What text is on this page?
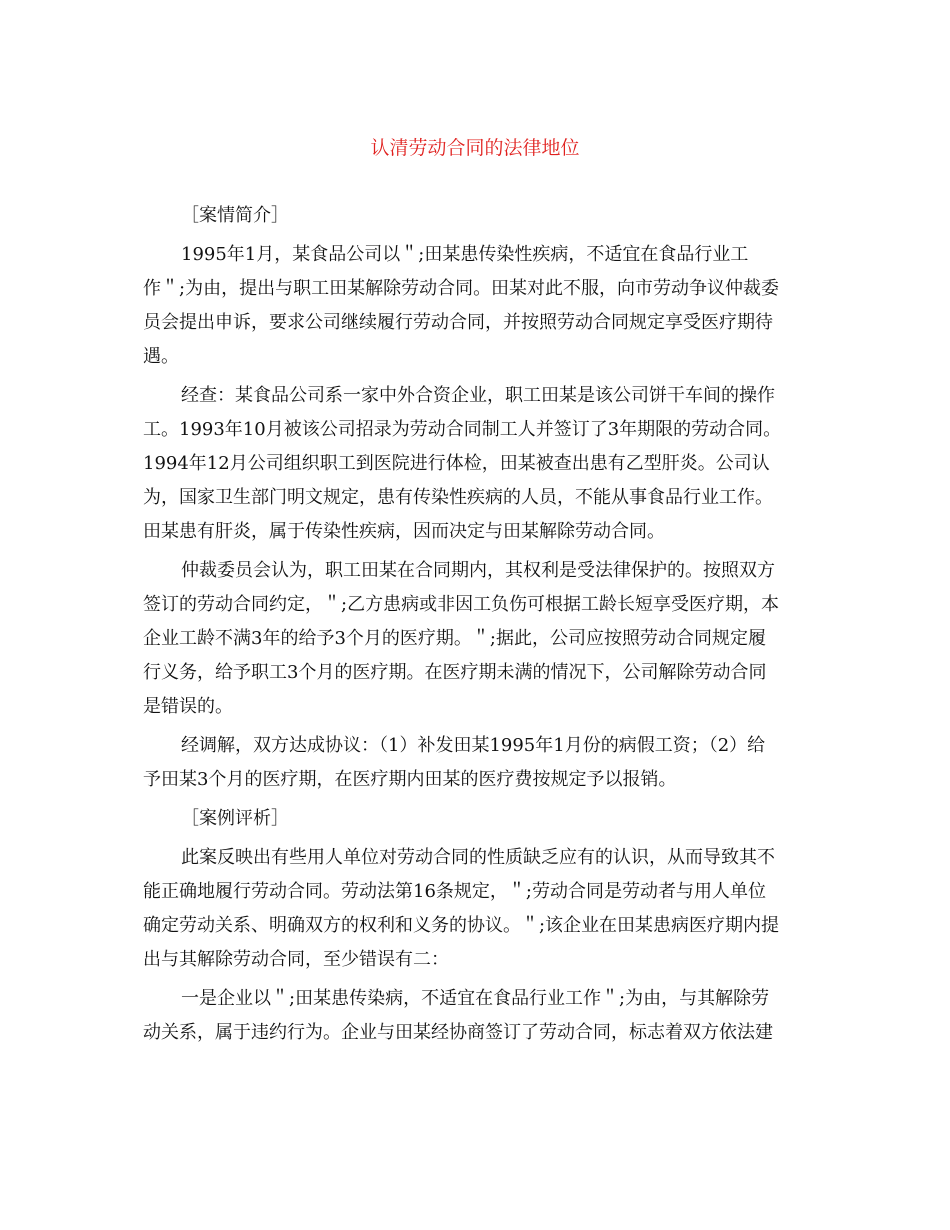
认清劳动合同的法律地位
［案情简介］
1995年1月，某食品公司以＂;田某患传染性疾病，不适宜在食品行业工
作＂;为由，提出与职工田某解除劳动合同。田某对此不服，向市劳动争议仲裁委
员会提出申诉，要求公司继续履行劳动合同，并按照劳动合同规定享受医疗期待
遇。
经查：某食品公司系一家中外合资企业，职工田某是该公司饼干车间的操作
工。1993年10月被该公司招录为劳动合同制工人并签订了3年期限的劳动合同。
1994年12月公司组织职工到医院进行体检，田某被查出患有乙型肝炎。公司认
为，国家卫生部门明文规定，患有传染性疾病的人员，不能从事食品行业工作。
田某患有肝炎，属于传染性疾病，因而决定与田某解除劳动合同。
仲裁委员会认为，职工田某在合同期内，其权利是受法律保护的。按照双方
签订的劳动合同约定，＂;乙方患病或非因工负伤可根据工龄长短享受医疗期，本
企业工龄不满3年的给予3个月的医疗期。＂;据此，公司应按照劳动合同规定履
行义务，给予职工3个月的医疗期。在医疗期未满的情况下，公司解除劳动合同
是错误的。
经调解，双方达成协议：（1）补发田某1995年1月份的病假工资；（2）给
予田某3个月的医疗期，在医疗期内田某的医疗费按规定予以报销。
［案例评析］
此案反映出有些用人单位对劳动合同的性质缺乏应有的认识，从而导致其不
能正确地履行劳动合同。劳动法第16条规定，＂;劳动合同是劳动者与用人单位
确定劳动关系、明确双方的权利和义务的协议。＂;该企业在田某患病医疗期内提
出与其解除劳动合同，至少错误有二：
一是企业以＂;田某患传染病，不适宜在食品行业工作＂;为由，与其解除劳
动关系，属于违约行为。企业与田某经协商签订了劳动合同，标志着双方依法建
